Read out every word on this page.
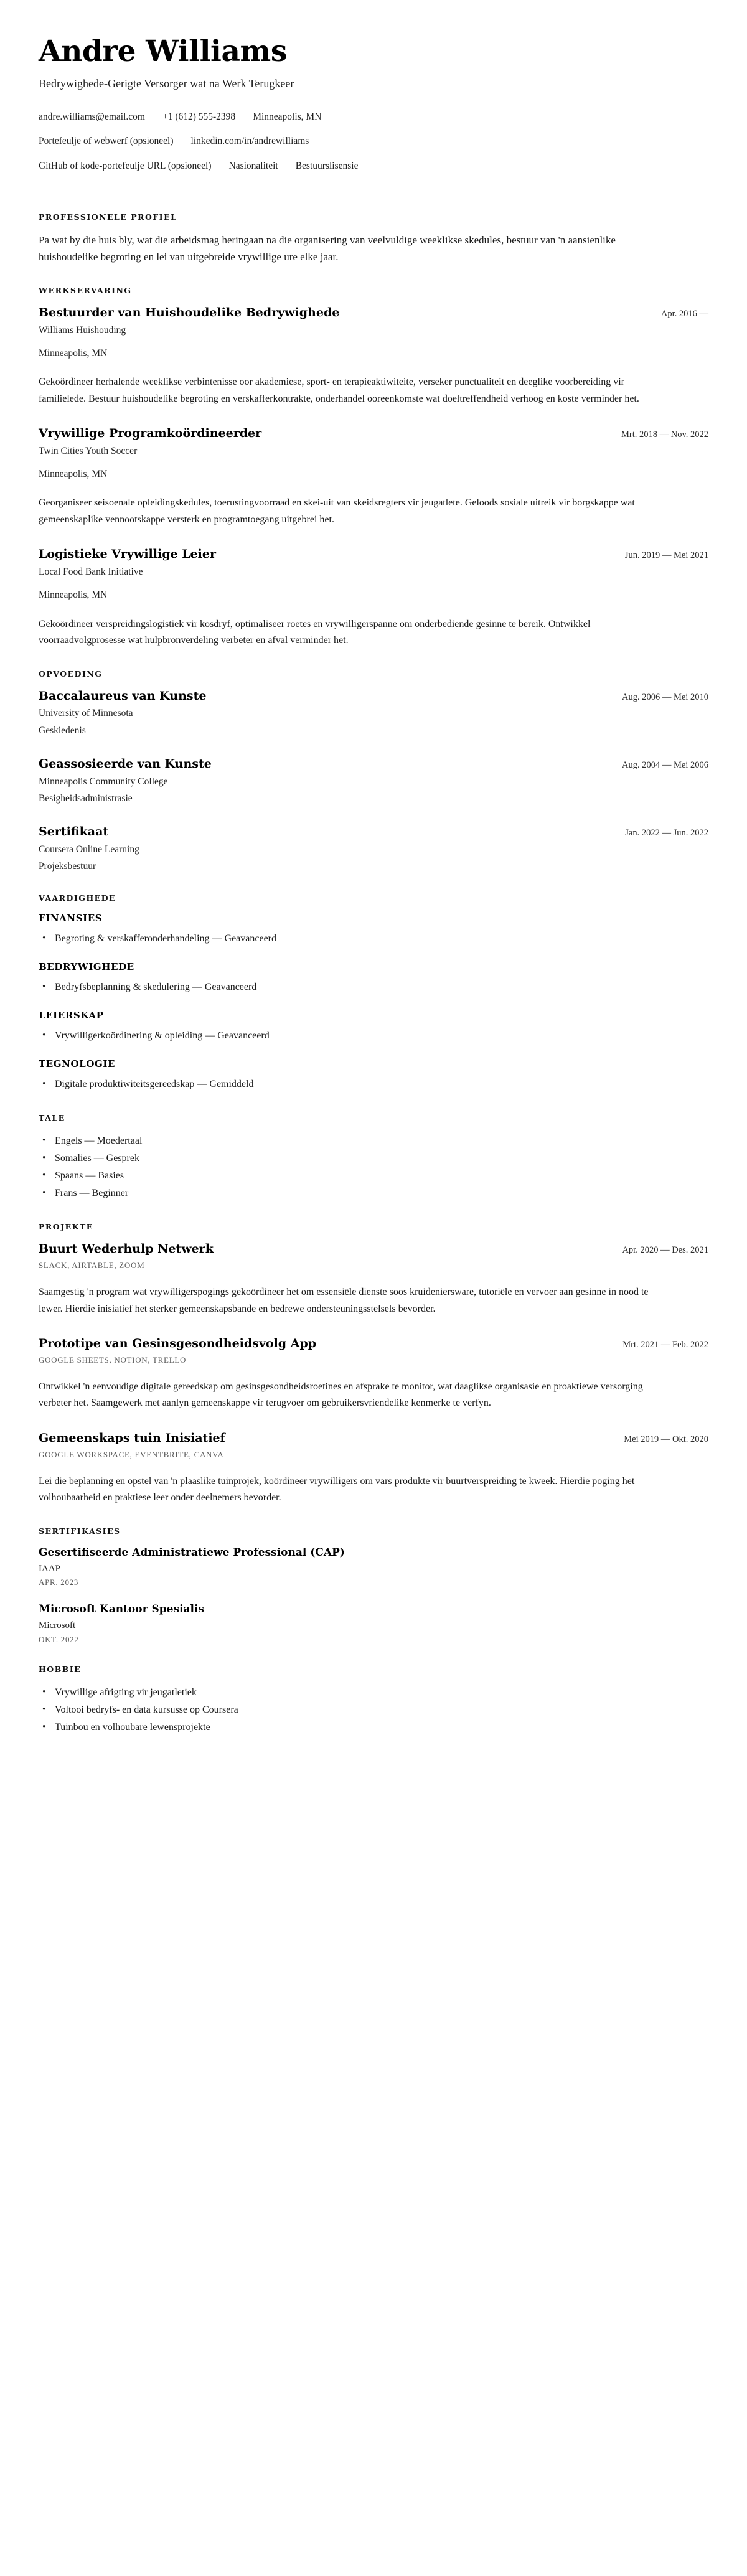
Andre Williams

Bedrywighede-Gerigte Versorger wat na Werk Terugkeer

andre.williams@email.com +1 (612) 555-2398 Minneapolis, MN
Portefeulje of webwerf (opsioneel) linkedin.com/in/andrewilliams
GitHub of kode-portefeulje URL (opsioneel) Nasionaliteit Bestuurslisensie
PROFESSIONELE PROFIEL

Pa wat by die huis bly, wat die arbeidsmag heringaan na die organisering van veelvuldige weeklikse skedules, bestuur van 'n aansienlike huishoudelike begroting en lei van uitgebreide vrywillige ure elke jaar.

WERKSERVARING
Bestuurder van Huishoudelike Bedrywighede	Apr. 2016 —

Williams Huishouding

Minneapolis, MN

Gekoördineer herhalende weeklikse verbintenisse oor akademiese, sport- en terapieaktiwiteite, verseker punctualiteit en deeglike voorbereiding vir familielede. Bestuur huishoudelike begroting en verskafferkontrakte, onderhandel ooreenkomste wat doeltreffendheid verhoog en koste verminder het.

Vrywillige Programkoördineerder	Mrt. 2018 — Nov. 2022

Twin Cities Youth Soccer

Minneapolis, MN

Georganiseer seisoenale opleidingskedules, toerustingvoorraad en skei-uit van skeidsregters vir jeugatlete. Geloods sosiale uitreik vir borgskappe wat gemeenskaplike vennootskappe versterk en programtoegang uitgebrei het.

Logistieke Vrywillige Leier	Jun. 2019 — Mei 2021

Local Food Bank Initiative

Minneapolis, MN

Gekoördineer verspreidingslogistiek vir kosdryf, optimaliseer roetes en vrywilligerspanne om onderbediende gesinne te bereik. Ontwikkel voorraadvolgprosesse wat hulpbronverdeling verbeter en afval verminder het.

OPVOEDING
Baccalaureus van Kunste	Aug. 2006 — Mei 2010

University of Minnesota

Geskiedenis

Geassosieerde van Kunste	Aug. 2004 — Mei 2006

Minneapolis Community College

Besigheidsadministrasie

Sertifikaat	Jan. 2022 — Jun. 2022

Coursera Online Learning

Projeksbestuur

VAARDIGHEDE
FINANSIES
• Begroting & verskafferonderhandeling — Geavanceerd
BEDRYWIGHEDE
• Bedryfsbeplanning & skedulering — Geavanceerd
LEIERSKAP
• Vrywilligerkoördinering & opleiding — Geavanceerd
TEGNOLOGIE
• Digitale produktiwiteitsgereedskap — Gemiddeld
TALE
• Engels — Moedertaal
• Somalies — Gesprek
• Spaans — Basies
• Frans — Beginner
PROJEKTE
Buurt Wederhulp Netwerk	Apr. 2020 — Des. 2021

SLACK, AIRTABLE, ZOOM

Saamgestig 'n program wat vrywilligerspogings gekoördineer het om essensiële dienste soos kruideniersware, tutoriële en vervoer aan gesinne in nood te lewer. Hierdie inisiatief het sterker gemeenskapsbande en bedrewe ondersteuningsstelsels bevorder.

Prototipe van Gesinsgesondheidsvolg App	Mrt. 2021 — Feb. 2022

GOOGLE SHEETS, NOTION, TRELLO

Ontwikkel 'n eenvoudige digitale gereedskap om gesinsgesondheidsroetines en afsprake te monitor, wat daaglikse organisasie en proaktiewe versorging verbeter het. Saamgewerk met aanlyn gemeenskappe vir terugvoer om gebruikersvriendelike kenmerke te verfyn.

Gemeenskaps tuin Inisiatief	Mei 2019 — Okt. 2020

GOOGLE WORKSPACE, EVENTBRITE, CANVA

Lei die beplanning en opstel van 'n plaaslike tuinprojek, koördineer vrywilligers om vars produkte vir buurtverspreiding te kweek. Hierdie poging het volhoubaarheid en praktiese leer onder deelnemers bevorder.

SERTIFIKASIES
Gesertifiseerde Administratiewe Professional (CAP)

IAAP

APR. 2023

Microsoft Kantoor Spesialis

Microsoft

OKT. 2022

HOBBIE
• Vrywillige afrigting vir jeugatletiek
• Voltooi bedryfs- en data kursusse op Coursera
• Tuinbou en volhoubare lewensprojekte
